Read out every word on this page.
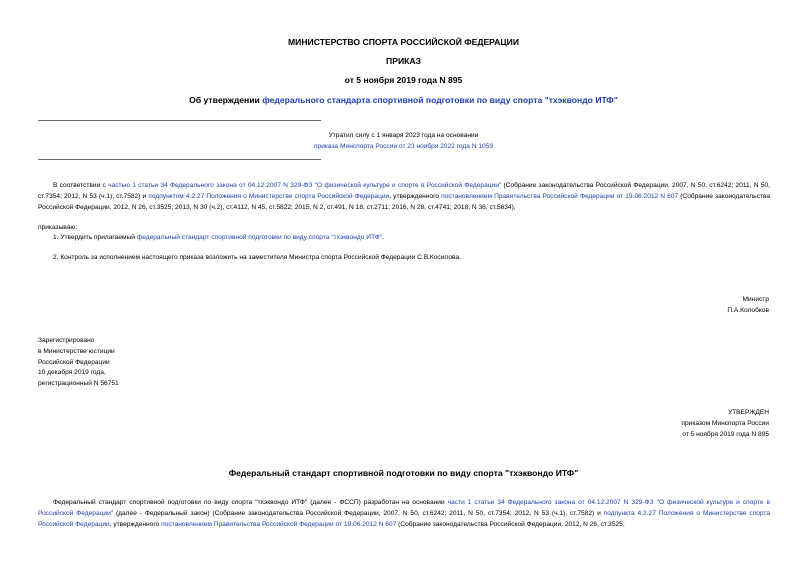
МИНИСТЕРСТВО СПОРТА РОССИЙСКОЙ ФЕДЕРАЦИИ
ПРИКАЗ
от 5 ноября 2019 года N 895
Об утверждении федерального стандарта спортивной подготовки по виду спорта "тхэквондо ИТФ"
Утратил силу с 1 января 2023 года на основании
приказа Минспорта России от 23 ноября 2022 года N 1059
В соответствии с частью 1 статьи 34 Федерального закона от 04.12.2007 N 329-ФЗ "О физической культуре и спорте в Российской Федерации" (Собрание законодательства Российской Федерации, 2007, N 50, ст.6242; 2011, N 50, ст.7354; 2012, N 53 (ч.1), ст.7582) и подпунктом 4.2.27 Положения о Министерстве спорта Российской Федерации, утвержденного постановлением Правительства Российской Федерации от 19.06.2012 N 607 (Собрание законодательства Российской Федерации, 2012, N 26, ст.3525; 2013, N 30 (ч.2), ст.4112, N 45, ст.5822; 2015, N 2, ст.491, N 18, ст.2711; 2016, N 28, ст.4741; 2018, N 36, ст.5634),
приказываю:
1. Утвердить прилагаемый федеральный стандарт спортивной подготовки по виду спорта "тхэквондо ИТФ".
2. Контроль за исполнением настоящего приказа возложить на заместителя Министра спорта Российской Федерации С.В.Косилова.
Министр
П.А.Колобков
Зарегистрировано
в Министерстве юстиции
Российской Федерации
10 декабря 2019 года,
регистрационный N 56751
УТВЕРЖДЕН
приказом Минспорта России
от 5 ноября 2019 года N 895
Федеральный стандарт спортивной подготовки по виду спорта "тхэквондо ИТФ"
Федеральный стандарт спортивной подготовки по виду спорта "тхэквондо ИТФ" (далее - ФССП) разработан на основании части 1 статьи 34 Федерального закона от 04.12.2007 N 329-ФЗ "О физической культуре и спорте в Российской Федерации" (далее - Федеральный закон) (Собрание законодательства Российской Федерации, 2007, N 50, ст.6242; 2011, N 50, ст.7354; 2012, N 53 (ч.1), ст.7582) и подпункта 4.2.27 Положения о Министерстве спорта Российской Федерации, утвержденного постановлением Правительства Российской Федерации от 19.06.2012 N 607 (Собрание законодательства Российской Федерации, 2012, N 26, ст.3525;
